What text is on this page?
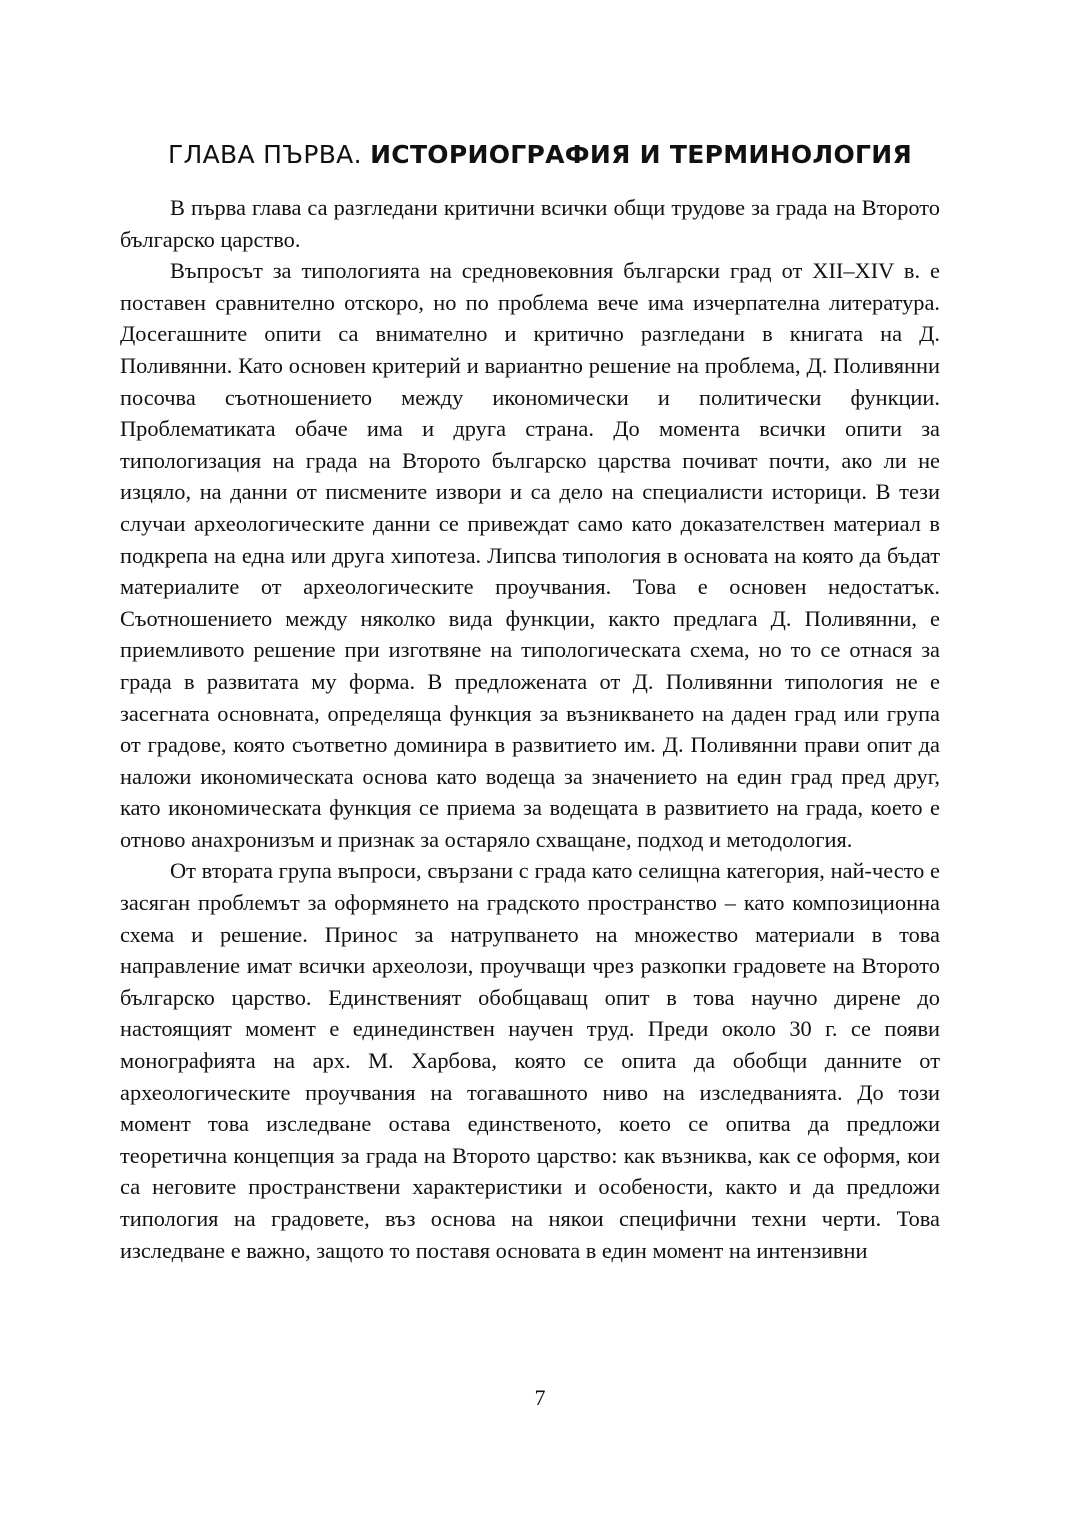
ГЛАВА ПЪРВА. ИСТОРИОГРАФИЯ И ТЕРМИНОЛОГИЯ

В първа глава са разгледани критични всички общи трудове за града на Второто българско царство.

Въпросът за типологията на средновековния български град от XII–XIV в. е поставен сравнително отскоро, но по проблема вече има изчерпателна литература. Досегашните опити са внимателно и критично разгледани в книгата на Д. Поливянни. Като основен критерий и вариантно решение на проблема, Д. Поливянни посочва съотношението между икономически и политически функции. Проблематиката обаче има и друга страна. До момента всички опити за типологизация на града на Второто българско царства почиват почти, ако ли не изцяло, на данни от писмените извори и са дело на специалисти историци. В тези случаи археологическите данни се привеждат само като доказателствен материал в подкрепа на една или друга хипотеза. Липсва типология в основата на която да бъдат материалите от археологическите проучвания. Това е основен недостатък. Съотношението между няколко вида функции, както предлага Д. Поливянни, е приемливото решение при изготвяне на типологическата схема, но то се отнася за града в развитата му форма. В предложената от Д. Поливянни типология не е засегната основната, определяща функция за възникването на даден град или група от градове, която съответно доминира в развитието им. Д. Поливянни прави опит да наложи икономическата основа като водеща за значението на един град пред друг, като икономическата функция се приема за водещата в развитието на града, което е отново анахронизъм и признак за остаряло схващане, подход и методология.

От втората група въпроси, свързани с града като селищна категория, най-често е засяган проблемът за оформянето на градското пространство – като композиционна схема и решение. Принос за натрупването на множество материали в това направление имат всички археолози, проучващи чрез разкопки градовете на Второто българско царство. Единственият обобщаващ опит в това научно дирене до настоящият момент е единединствен научен труд. Преди около 30 г. се появи монографията на арх. М. Харбова, която се опита да обобщи данните от археологическите проучвания на тогавашното ниво на изследванията. До този момент това изследване остава единственото, което се опитва да предложи теоретична концепция за града на Второто царство: как възниква, как се оформя, кои са неговите пространствени характеристики и особености, както и да предложи типология на градовете, въз основа на някои специфични техни черти. Това изследване е важно, защото то поставя основата в един момент на интензивни

7
